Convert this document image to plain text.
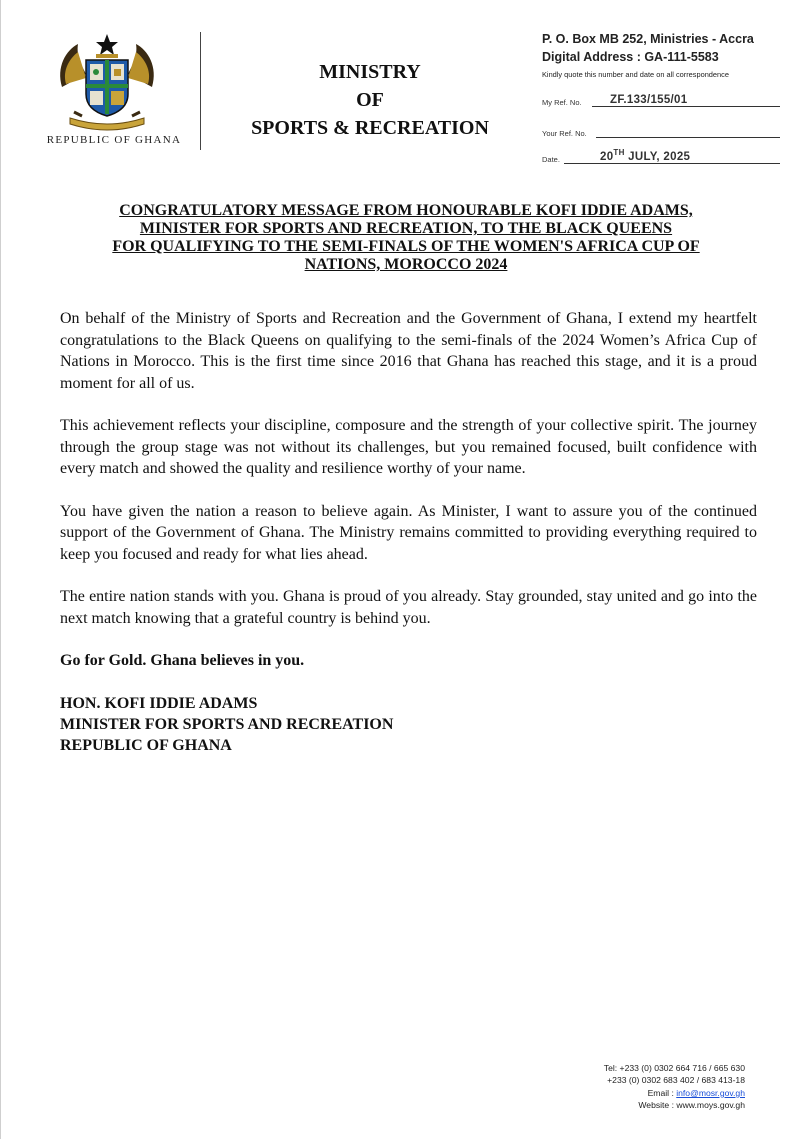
REPUBLIC OF GHANA
MINISTRY
OF
SPORTS & RECREATION
P. O. Box MB 252, Ministries - Accra
Digital Address : GA-111-5583
Kindly quote this number and date on all correspondence
My Ref. No. ZF.133/155/01
Your Ref. No.
Date.	20TH JULY, 2025
CONGRATULATORY MESSAGE FROM HONOURABLE KOFI IDDIE ADAMS,
MINISTER FOR SPORTS AND RECREATION, TO THE BLACK QUEENS
FOR QUALIFYING TO THE SEMI-FINALS OF THE WOMEN'S AFRICA CUP OF
NATIONS, MOROCCO 2024

On behalf of the Ministry of Sports and Recreation and the Government of Ghana, I extend my heartfelt congratulations to the Black Queens on qualifying to the semi-finals of the 2024 Women’s Africa Cup of Nations in Morocco. This is the first time since 2016 that Ghana has reached this stage, and it is a proud moment for all of us.

This achievement reflects your discipline, composure and the strength of your collective spirit. The journey through the group stage was not without its challenges, but you remained focused, built confidence with every match and showed the quality and resilience worthy of your name.

You have given the nation a reason to believe again. As Minister, I want to assure you of the continued support of the Government of Ghana. The Ministry remains committed to providing everything required to keep you focused and ready for what lies ahead.

The entire nation stands with you. Ghana is proud of you already. Stay grounded, stay united and go into the next match knowing that a grateful country is behind you.

Go for Gold. Ghana believes in you.

HON. KOFI IDDIE ADAMS
MINISTER FOR SPORTS AND RECREATION
REPUBLIC OF GHANA
Tel: +233 (0) 0302 664 716 / 665 630
+233 (0) 0302 683 402 / 683 413-18
Email : info@mosr.gov.gh
Website : www.moys.gov.gh
